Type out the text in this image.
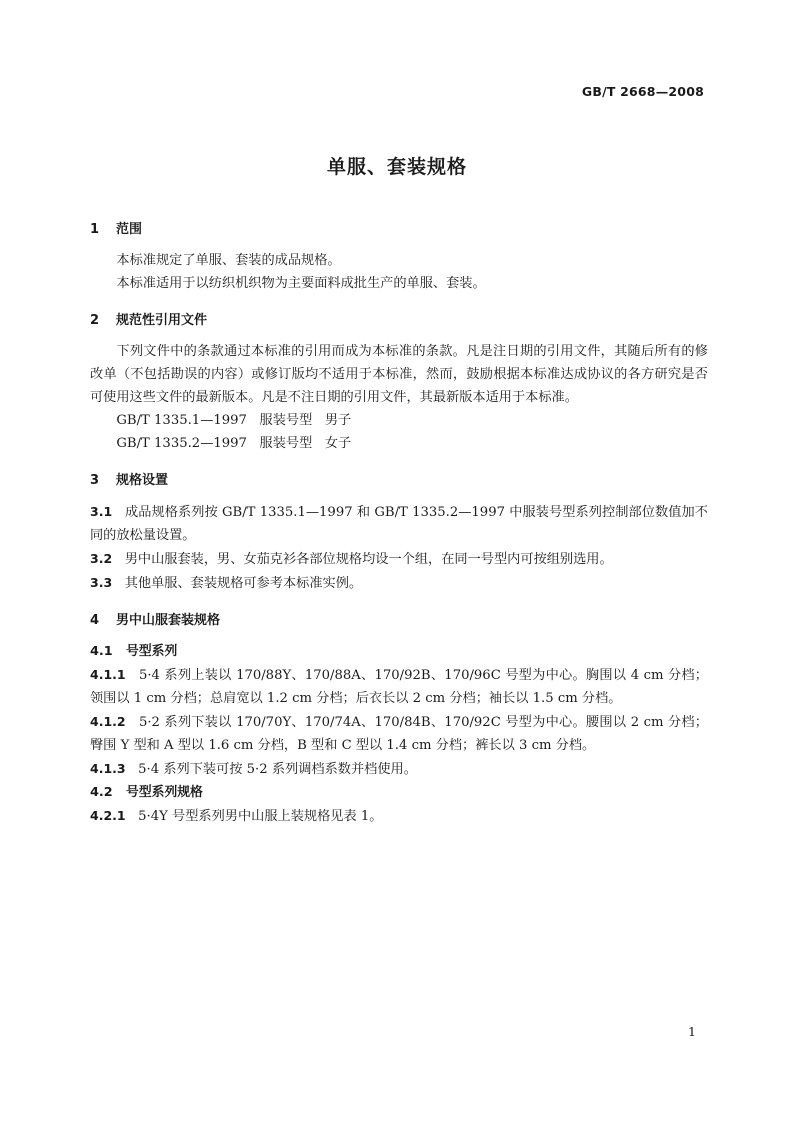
GB/T 2668—2008
单服、套装规格

1 范围

本标准规定了单服、套装的成品规格。

本标准适用于以纺织机织物为主要面料成批生产的单服、套装。

2 规范性引用文件

下列文件中的条款通过本标准的引用而成为本标准的条款。凡是注日期的引用文件，其随后所有的修改单（不包括勘误的内容）或修订版均不适用于本标准，然而，鼓励根据本标准达成协议的各方研究是否可使用这些文件的最新版本。凡是不注日期的引用文件，其最新版本适用于本标准。

GB/T 1335.1—1997   服装号型   男子

GB/T 1335.2—1997   服装号型   女子

3 规格设置

3.1 成品规格系列按 GB/T 1335.1—1997 和 GB/T 1335.2—1997 中服装号型系列控制部位数值加不同的放松量设置。

3.2 男中山服套装，男、女茄克衫各部位规格均设一个组，在同一号型内可按组别选用。

3.3 其他单服、套装规格可参考本标准实例。

4 男中山服套装规格

4.1 号型系列

4.1.1 5·4 系列上装以 170/88Y、170/88A、170/92B、170/96C 号型为中心。胸围以 4 cm 分档；领围以 1 cm 分档；总肩宽以 1.2 cm 分档；后衣长以 2 cm 分档；袖长以 1.5 cm 分档。

4.1.2 5·2 系列下装以 170/70Y、170/74A、170/84B、170/92C 号型为中心。腰围以 2 cm 分档；臀围 Y 型和 A 型以 1.6 cm 分档，B 型和 C 型以 1.4 cm 分档；裤长以 3 cm 分档。

4.1.3 5·4 系列下装可按 5·2 系列调档系数并档使用。

4.2 号型系列规格

4.2.1 5·4Y 号型系列男中山服上装规格见表 1。

1
